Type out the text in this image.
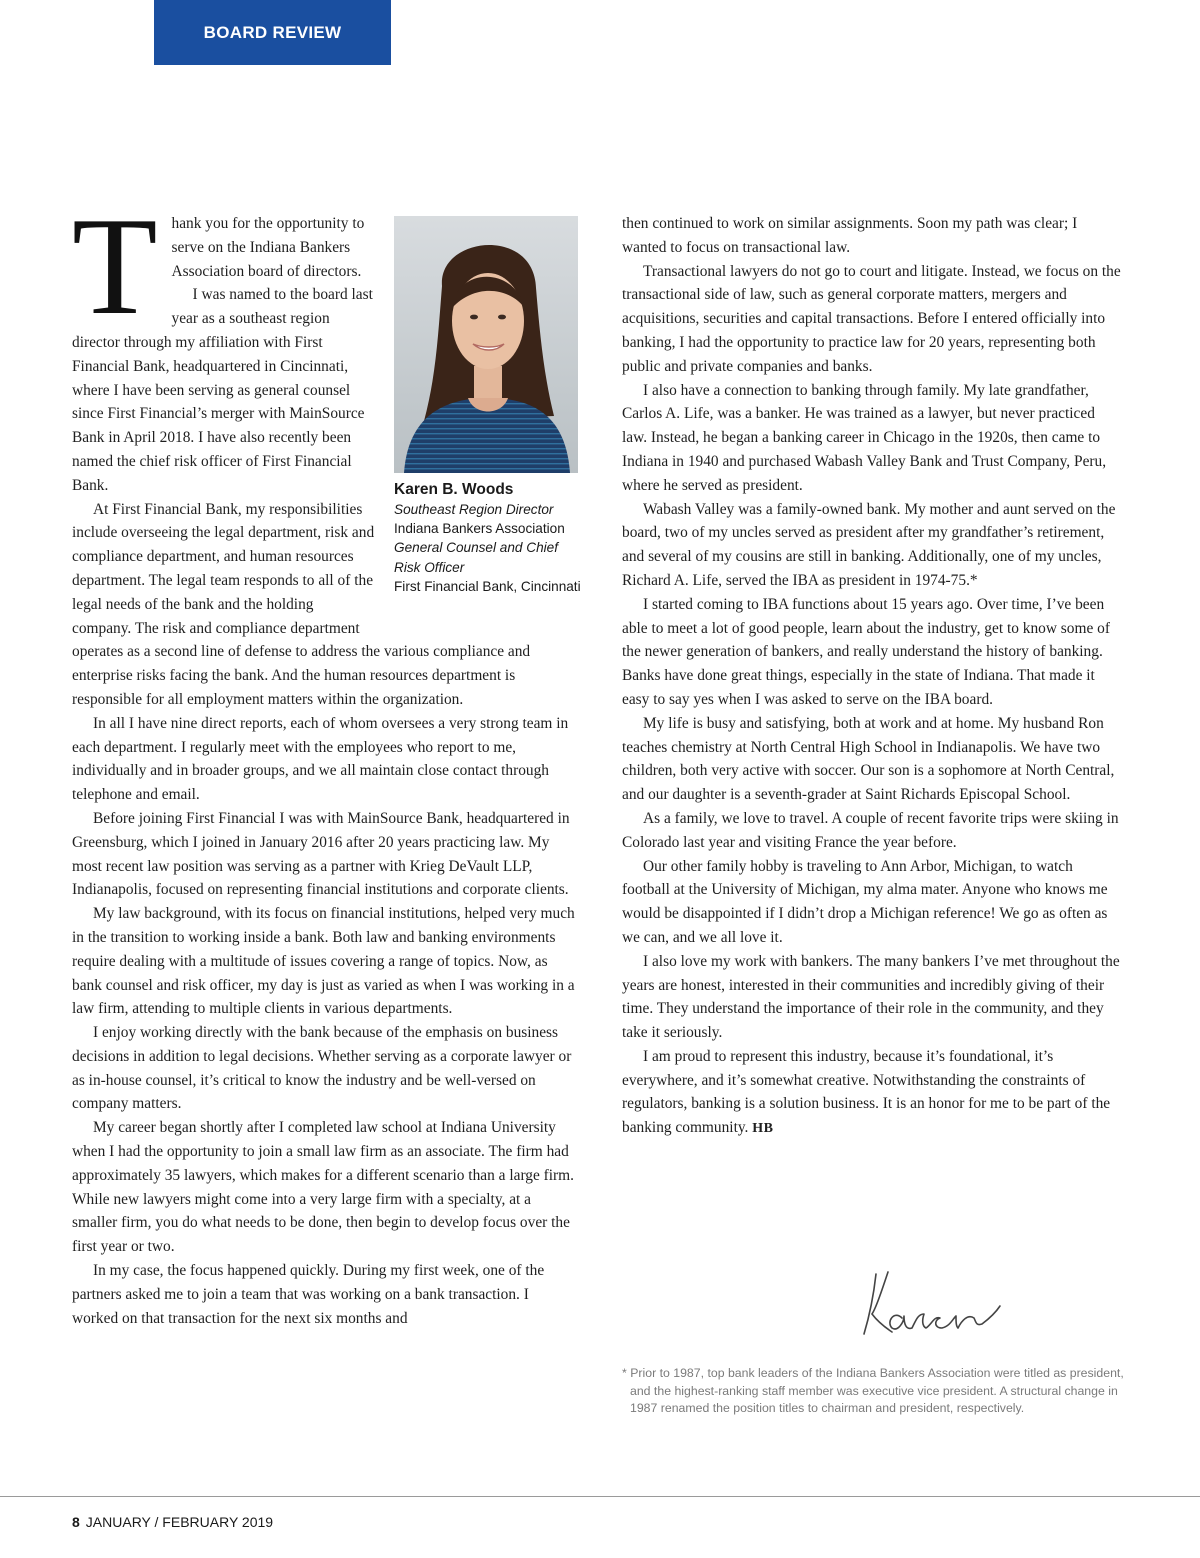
BOARD REVIEW
Karen B. Woods
Southeast Region Director
Indiana Bankers Association
General Counsel and Chief Risk Officer
First Financial Bank, Cincinnati

Thank you for the opportunity to serve on the Indiana Bankers Association board of directors.

I was named to the board last year as a southeast region director through my affiliation with First Financial Bank, headquartered in Cincinnati, where I have been serving as general counsel since First Financial’s merger with MainSource Bank in April 2018. I have also recently been named the chief risk officer of First Financial Bank.

At First Financial Bank, my responsibilities include overseeing the legal department, risk and compliance department, and human resources department. The legal team responds to all of the legal needs of the bank and the holding company. The risk and compliance department operates as a second line of defense to address the various compliance and enterprise risks facing the bank. And the human resources department is responsible for all employment matters within the organization.

In all I have nine direct reports, each of whom oversees a very strong team in each department. I regularly meet with the employees who report to me, individually and in broader groups, and we all maintain close contact through telephone and email.

Before joining First Financial I was with MainSource Bank, headquartered in Greensburg, which I joined in January 2016 after 20 years practicing law. My most recent law position was serving as a partner with Krieg DeVault LLP, Indianapolis, focused on representing financial institutions and corporate clients.

My law background, with its focus on financial institutions, helped very much in the transition to working inside a bank. Both law and banking environments require dealing with a multitude of issues covering a range of topics. Now, as bank counsel and risk officer, my day is just as varied as when I was working in a law firm, attending to multiple clients in various departments.

I enjoy working directly with the bank because of the emphasis on business decisions in addition to legal decisions. Whether serving as a corporate lawyer or as in-house counsel, it’s critical to know the industry and be well-versed on company matters.

My career began shortly after I completed law school at Indiana University when I had the opportunity to join a small law firm as an associate. The firm had approximately 35 lawyers, which makes for a different scenario than a large firm. While new lawyers might come into a very large firm with a specialty, at a smaller firm, you do what needs to be done, then begin to develop focus over the first year or two.

In my case, the focus happened quickly. During my first week, one of the partners asked me to join a team that was working on a bank transaction. I worked on that transaction for the next six months and

then continued to work on similar assignments. Soon my path was clear; I wanted to focus on transactional law.

Transactional lawyers do not go to court and litigate. Instead, we focus on the transactional side of law, such as general corporate matters, mergers and acquisitions, securities and capital transactions. Before I entered officially into banking, I had the opportunity to practice law for 20 years, representing both public and private companies and banks.

I also have a connection to banking through family. My late grandfather, Carlos A. Life, was a banker. He was trained as a lawyer, but never practiced law. Instead, he began a banking career in Chicago in the 1920s, then came to Indiana in 1940 and purchased Wabash Valley Bank and Trust Company, Peru, where he served as president.

Wabash Valley was a family-owned bank. My mother and aunt served on the board, two of my uncles served as president after my grandfather’s retirement, and several of my cousins are still in banking. Additionally, one of my uncles, Richard A. Life, served the IBA as president in 1974-75.*

I started coming to IBA functions about 15 years ago. Over time, I’ve been able to meet a lot of good people, learn about the industry, get to know some of the newer generation of bankers, and really understand the history of banking. Banks have done great things, especially in the state of Indiana. That made it easy to say yes when I was asked to serve on the IBA board.

My life is busy and satisfying, both at work and at home. My husband Ron teaches chemistry at North Central High School in Indianapolis. We have two children, both very active with soccer. Our son is a sophomore at North Central, and our daughter is a seventh-grader at Saint Richards Episcopal School.

As a family, we love to travel. A couple of recent favorite trips were skiing in Colorado last year and visiting France the year before.

Our other family hobby is traveling to Ann Arbor, Michigan, to watch football at the University of Michigan, my alma mater. Anyone who knows me would be disappointed if I didn’t drop a Michigan reference! We go as often as we can, and we all love it.

I also love my work with bankers. The many bankers I’ve met throughout the years are honest, interested in their communities and incredibly giving of their time. They understand the importance of their role in the community, and they take it seriously.

I am proud to represent this industry, because it’s foundational, it’s everywhere, and it’s somewhat creative. Notwithstanding the constraints of regulators, banking is a solution business. It is an honor for me to be part of the banking community. HB

* Prior to 1987, top bank leaders of the Indiana Bankers Association were titled as president, and the highest-ranking staff member was executive vice president. A structural change in 1987 renamed the position titles to chairman and president, respectively.

8 JANUARY / FEBRUARY 2019
